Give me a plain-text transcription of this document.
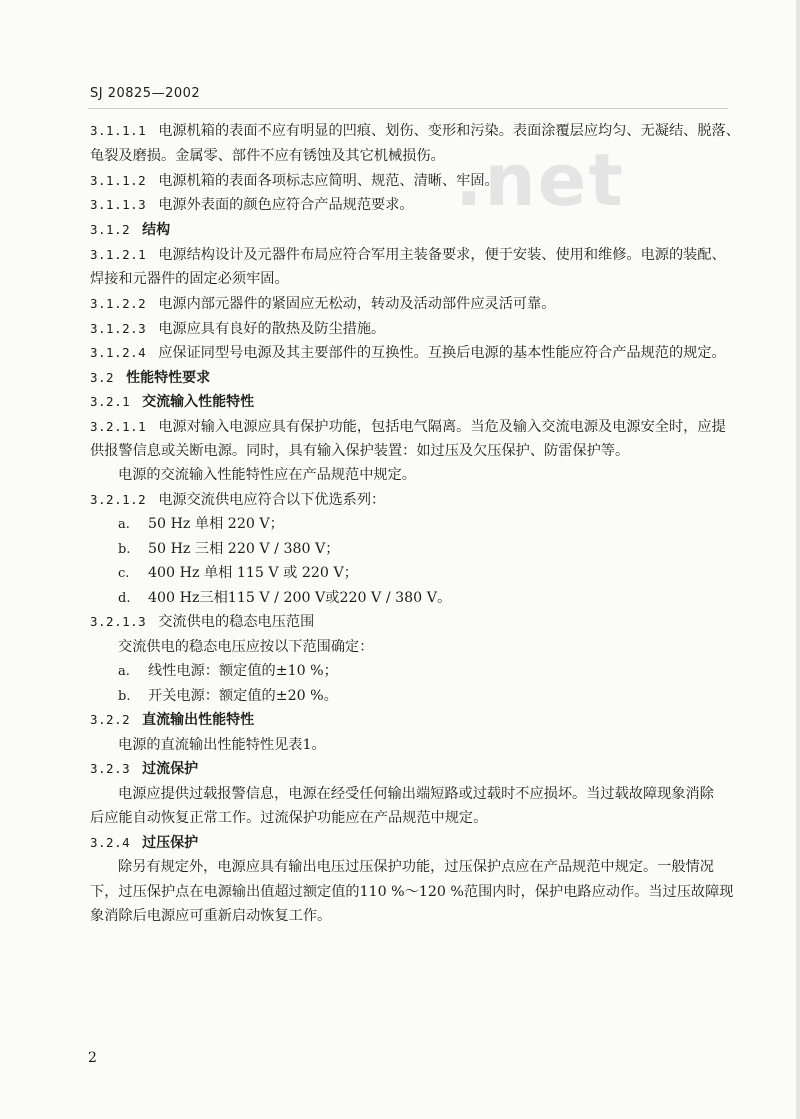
SJ 20825—2002
.net
3.1.1.1 电源机箱的表面不应有明显的凹痕、划伤、变形和污染。表面涂覆层应均匀、无凝结、脱落、
龟裂及磨损。金属零、部件不应有锈蚀及其它机械损伤。
3.1.1.2 电源机箱的表面各项标志应简明、规范、清晰、牢固。
3.1.1.3 电源外表面的颜色应符合产品规范要求。
3.1.2 结构
3.1.2.1 电源结构设计及元器件布局应符合军用主装备要求，便于安装、使用和维修。电源的装配、
焊接和元器件的固定必须牢固。
3.1.2.2 电源内部元器件的紧固应无松动，转动及活动部件应灵活可靠。
3.1.2.3 电源应具有良好的散热及防尘措施。
3.1.2.4 应保证同型号电源及其主要部件的互换性。互换后电源的基本性能应符合产品规范的规定。
3.2 性能特性要求
3.2.1 交流输入性能特性
3.2.1.1 电源对输入电源应具有保护功能，包括电气隔离。当危及输入交流电源及电源安全时，应提
供报警信息或关断电源。同时，具有输入保护装置：如过压及欠压保护、防雷保护等。
电源的交流输入性能特性应在产品规范中规定。
3.2.1.2 电源交流供电应符合以下优选系列：
a. 50 Hz 单相 220 V；
b. 50 Hz 三相 220 V / 380 V；
c. 400 Hz 单相 115 V 或 220 V；
d. 400 Hz三相115 V / 200 V或220 V / 380 V。
3.2.1.3 交流供电的稳态电压范围
交流供电的稳态电压应按以下范围确定：
a. 线性电源：额定值的±10 %；
b. 开关电源：额定值的±20 %。
3.2.2 直流输出性能特性
电源的直流输出性能特性见表1。
3.2.3 过流保护
电源应提供过载报警信息，电源在经受任何输出端短路或过载时不应损坏。当过载故障现象消除
后应能自动恢复正常工作。过流保护功能应在产品规范中规定。
3.2.4 过压保护
除另有规定外，电源应具有输出电压过压保护功能，过压保护点应在产品规范中规定。一般情况
下，过压保护点在电源输出值超过额定值的110 %～120 %范围内时，保护电路应动作。当过压故障现
象消除后电源应可重新启动恢复工作。
2
